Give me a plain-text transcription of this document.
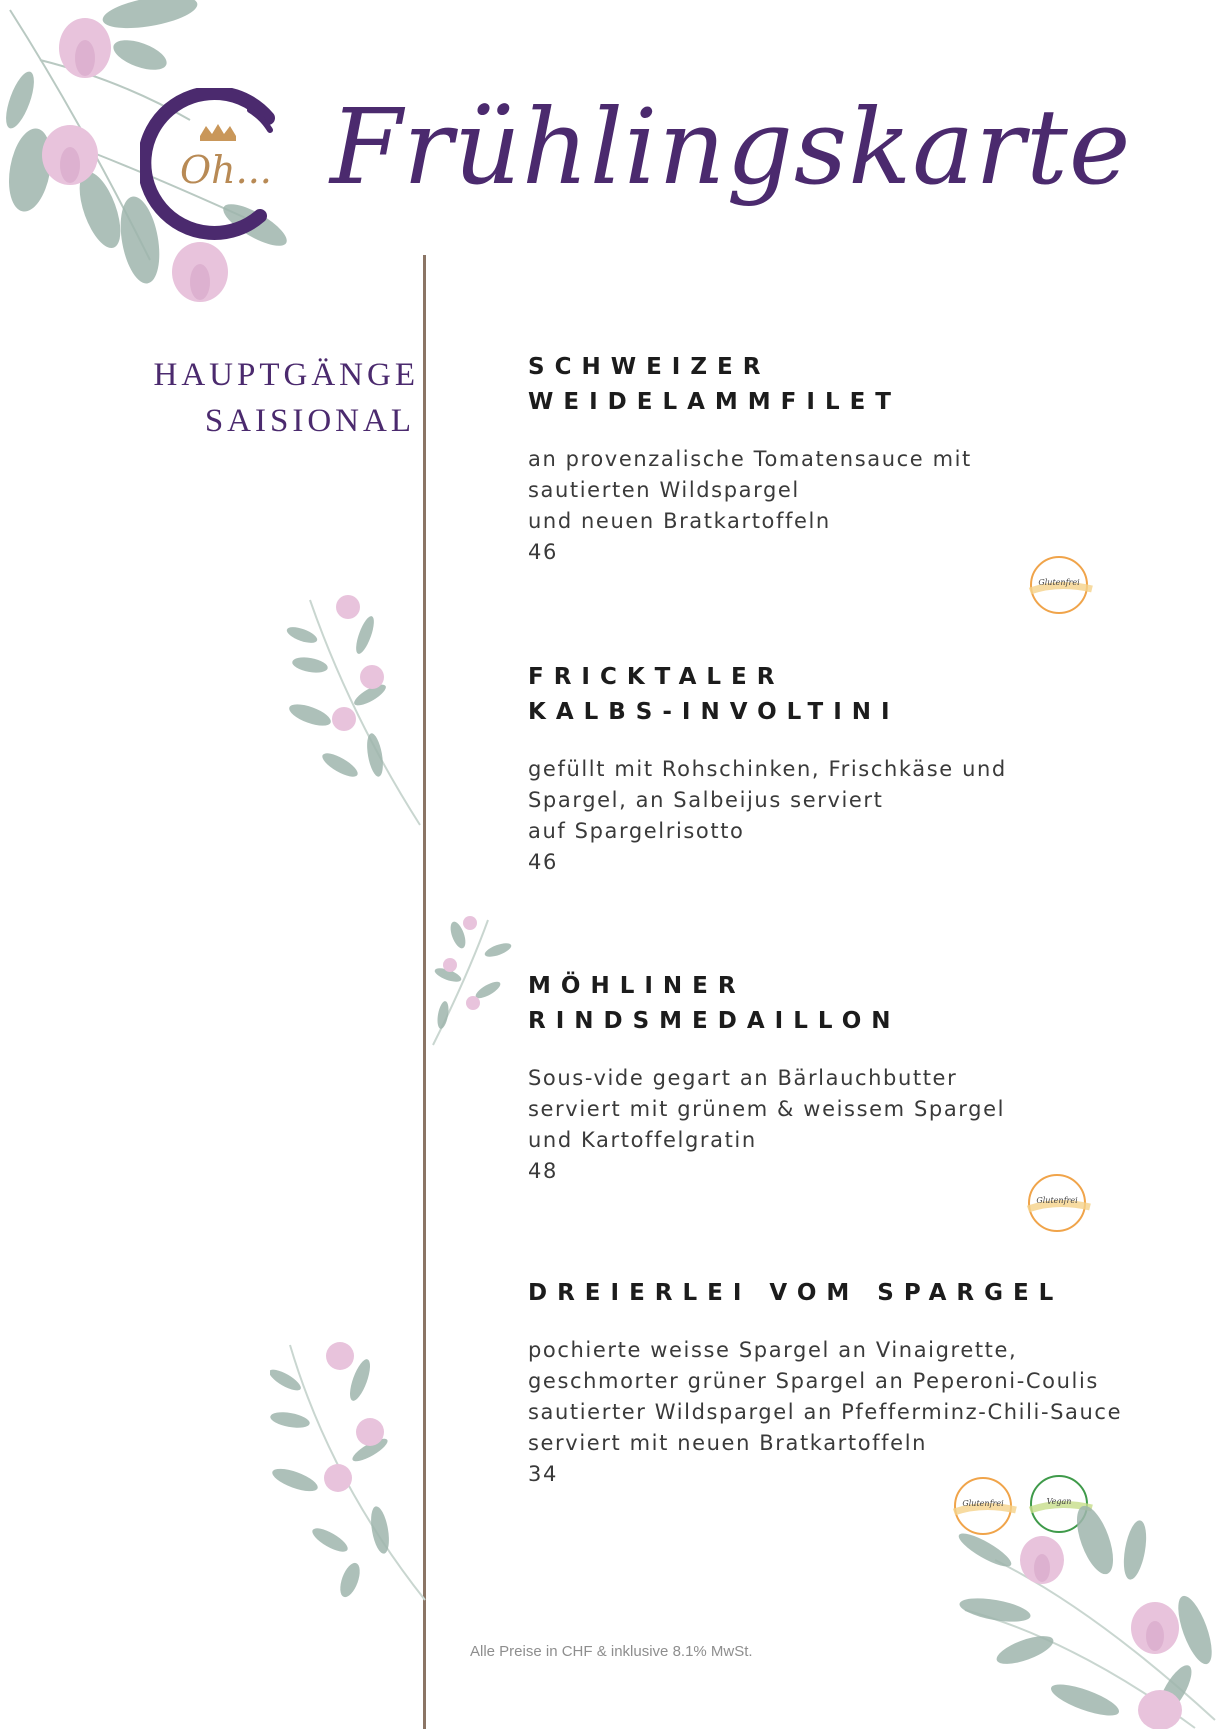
Oh... Frühlingskarte
HAUPTGÄNGE
SAISIONAL
SCHWEIZER
WEIDELAMMFILET
an provenzalische Tomatensauce mit
sautierten Wildspargel
und neuen Bratkartoffeln
46
Glutenfrei
FRICKTALER
KALBS-INVOLTINI
gefüllt mit Rohschinken, Frischkäse und
Spargel, an Salbeijus serviert
auf Spargelrisotto
46
MÖHLINER
RINDSMEDAILLON
Sous-vide gegart an Bärlauchbutter
serviert mit grünem & weissem Spargel
und Kartoffelgratin
48
Glutenfrei
DREIERLEI VOM SPARGEL
pochierte weisse Spargel an Vinaigrette,
geschmorter grüner Spargel an Peperoni-Coulis
sautierter Wildspargel an Pfefferminz-Chili-Sauce
serviert mit neuen Bratkartoffeln
34
Glutenfrei	Vegan
Alle Preise in CHF & inklusive 8.1% MwSt.
